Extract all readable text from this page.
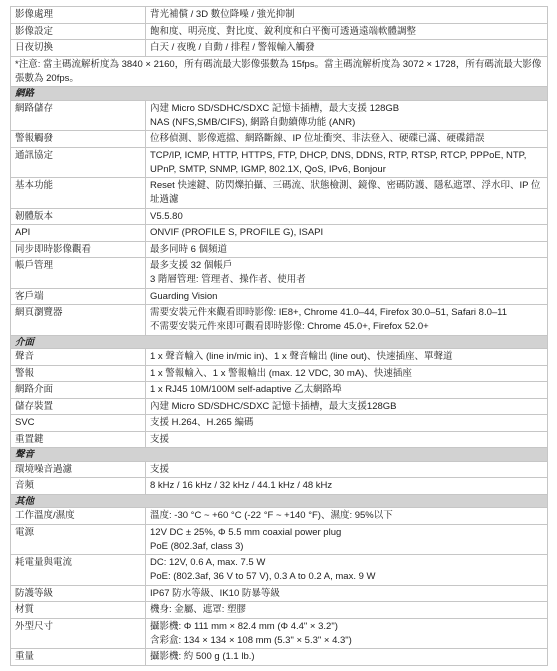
影像處理	背光補償 / 3D 數位降噪 / 強光抑制
影像設定	飽和度、明亮度、對比度、銳利度和白平衡可透過遠端軟體調整
日夜切換	白天 / 夜晚 / 自動 / 排程 / 警報輸入觸發
*注意: 當主碼流解析度為 3840 × 2160，所有碼流最大影像張數為 15fps。當主碼流解析度為 3072 × 1728，所有碼流最大影像張數為 20fps。	
網路	
網路儲存	內建 Micro SD/SDHC/SDXC 記憶卡插槽，最大支援 128GB
NAS (NFS,SMB/CIFS), 網路自動續傳功能 (ANR)

警報觸發	位移偵測、影像遮擋、網路斷線、IP 位址衝突、非法登入、硬碟已滿、硬碟錯誤
通訊協定	TCP/IP, ICMP, HTTP, HTTPS, FTP, DHCP, DNS, DDNS, RTP, RTSP, RTCP, PPPoE, NTP, UPnP, SMTP, SNMP, IGMP, 802.1X, QoS, IPv6, Bonjour
基本功能	Reset 快速鍵、防閃爍拍攝、三碼流、狀態檢測、鏡像、密碼防護、隱私遮罩、浮水印、IP 位址過濾
韌體版本	V5.5.80
API	ONVIF (PROFILE S, PROFILE G), ISAPI
同步即時影像觀看	最多同時 6 個頻道
帳戶管理	最多支援 32 個帳戶
3 階層管理: 管理者、操作者、使用者

客戶端	Guarding Vision
網頁瀏覽器	需要安裝元件來觀看即時影像: IE8+, Chrome 41.0–44, Firefox 30.0–51, Safari 8.0–11
不需要安裝元件來即可觀看即時影像: Chrome 45.0+, Firefox 52.0+

介面	
聲音	1 x 聲音輸入 (line in/mic in)、1 x 聲音輸出 (line out)、快速插座、單聲道
警報	1 x 警報輸入、1 x 警報輸出 (max. 12 VDC, 30 mA)、快速插座
網路介面	1 x RJ45 10M/100M self-adaptive 乙太網路埠
儲存裝置	內建 Micro SD/SDHC/SDXC 記憶卡插槽，最大支援128GB
SVC	支援 H.264、H.265 編碼
重置鍵	支援
聲音	
環境噪音過濾	支援
音頻	8 kHz / 16 kHz / 32 kHz / 44.1 kHz / 48 kHz
其他	
工作溫度/濕度	溫度: -30 °C ~ +60 °C (-22 °F ~ +140 °F)、濕度: 95%以下
電源	12V DC ± 25%, Φ 5.5 mm coaxial power plug
PoE (802.3af, class 3)

耗電量與電流	DC: 12V, 0.6 A, max. 7.5 W
PoE: (802.3af, 36 V to 57 V), 0.3 A to 0.2 A, max. 9 W

防護等級	IP67 防水等級、IK10 防暴等級
材質	機身: 金屬、遮罩: 塑膠
外型尺寸	攝影機: Φ 111 mm × 82.4 mm (Φ 4.4" × 3.2")
含彩盒: 134 × 134 × 108 mm (5.3" × 5.3" × 4.3")

重量	攝影機: 約 500 g (1.1 lb.)
